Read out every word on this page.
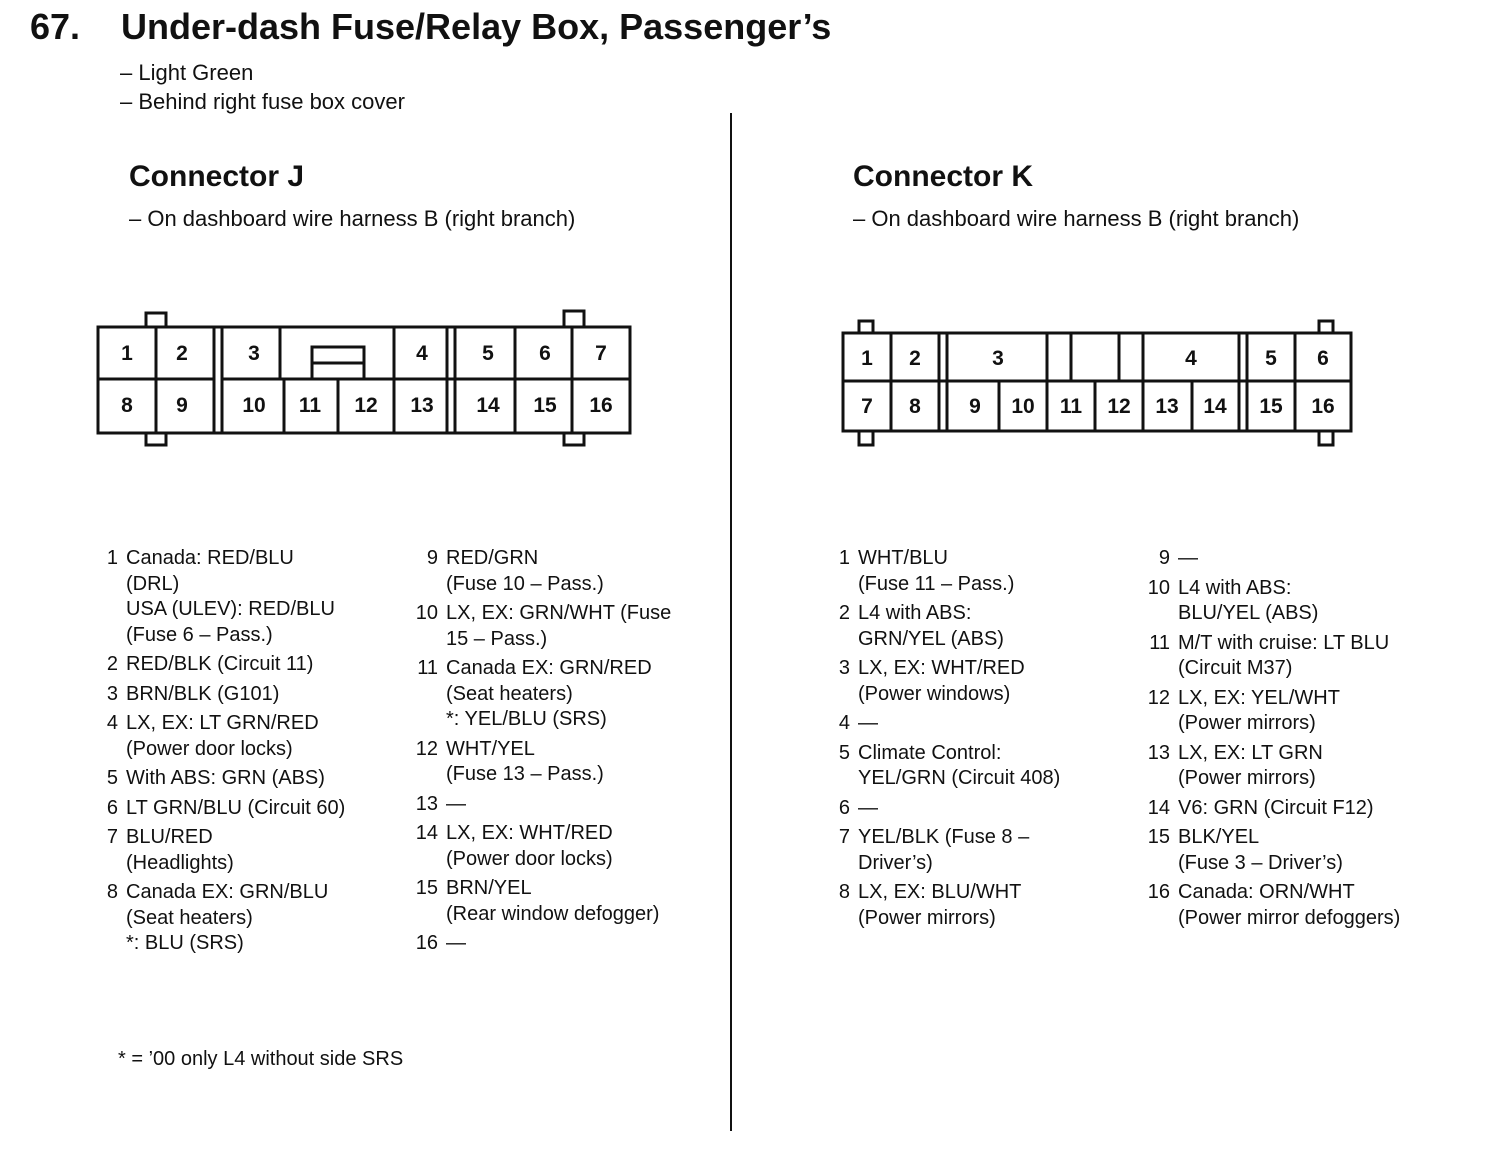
67. Under-dash Fuse/Relay Box, Passenger’s
– Light Green
– Behind right fuse box cover
Connector J
– On dashboard wire harness B (right branch)
1 2	3	4	5 6 7
8 9	10 11 12 13 14 15 16
1 Canada: RED/BLU
(DRL)
USA (ULEV): RED/BLU
(Fuse 6 – Pass.)
2 RED/BLK (Circuit 11)
3 BRN/BLK (G101)
4 LX, EX: LT GRN/RED
(Power door locks)
5 With ABS: GRN (ABS)
6 LT GRN/BLU (Circuit 60)
7 BLU/RED
(Headlights)
8 Canada EX: GRN/BLU
(Seat heaters)
*: BLU (SRS)
9 RED/GRN
(Fuse 10 – Pass.)
10 LX, EX: GRN/WHT (Fuse
15 – Pass.)
11 Canada EX: GRN/RED
(Seat heaters)
*: YEL/BLU (SRS)
12 WHT/YEL
(Fuse 13 – Pass.)
13 —
14 LX, EX: WHT/RED
(Power door locks)
15 BRN/YEL
(Rear window defogger)
16 —
Connector K
– On dashboard wire harness B (right branch)
1 2	3	4	5 6
7 8 9 10 11 12 13 14 15 16
1 WHT/BLU
(Fuse 11 – Pass.)
2 L4 with ABS:
GRN/YEL (ABS)
3 LX, EX: WHT/RED
(Power windows)
4 —
5 Climate Control:
YEL/GRN (Circuit 408)
6 —
7 YEL/BLK (Fuse 8 –
Driver’s)
8 LX, EX: BLU/WHT
(Power mirrors)
9 —
10 L4 with ABS:
BLU/YEL (ABS)
11 M/T with cruise: LT BLU
(Circuit M37)
12 LX, EX: YEL/WHT
(Power mirrors)
13 LX, EX: LT GRN
(Power mirrors)
14 V6: GRN (Circuit F12)
15 BLK/YEL
(Fuse 3 – Driver’s)
16 Canada: ORN/WHT
(Power mirror defoggers)
* = ’00 only L4 without side SRS
